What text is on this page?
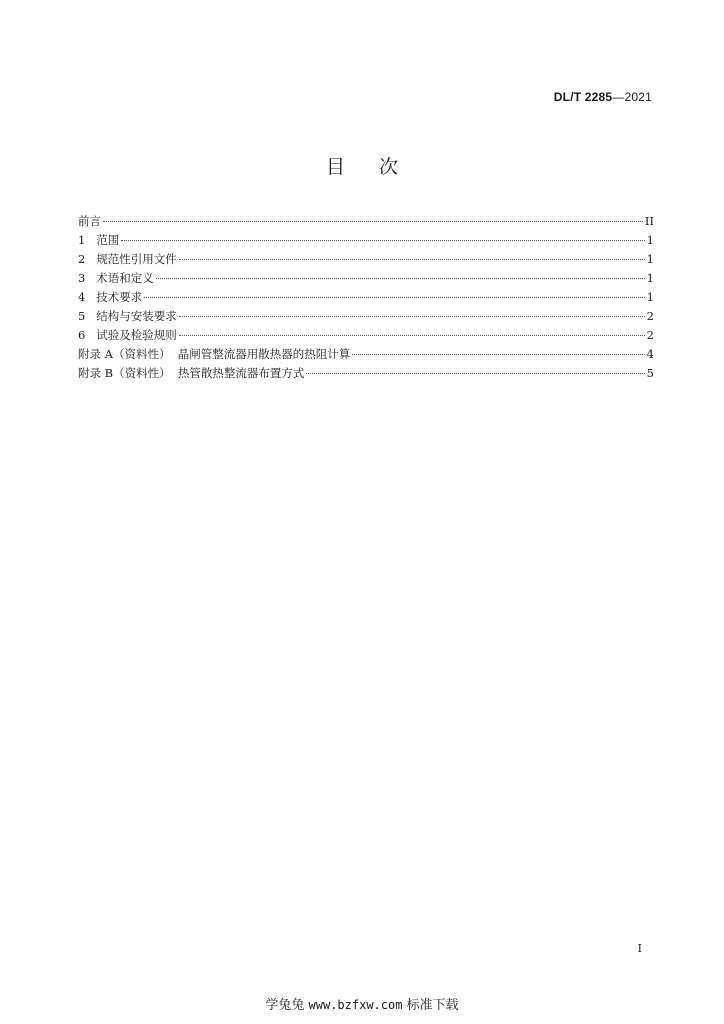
DL/T 2285—2021
目次
前言	II
1   范围	1
2   规范性引用文件	1
3   术语和定义	1
4   技术要求	1
5   结构与安装要求	2
6   试验及检验规则	2
附录 A（资料性）  晶闸管整流器用散热器的热阻计算	4
附录 B（资料性）  热管散热整流器布置方式	5
I
学兔兔 www.bzfxw.com 标准下载
